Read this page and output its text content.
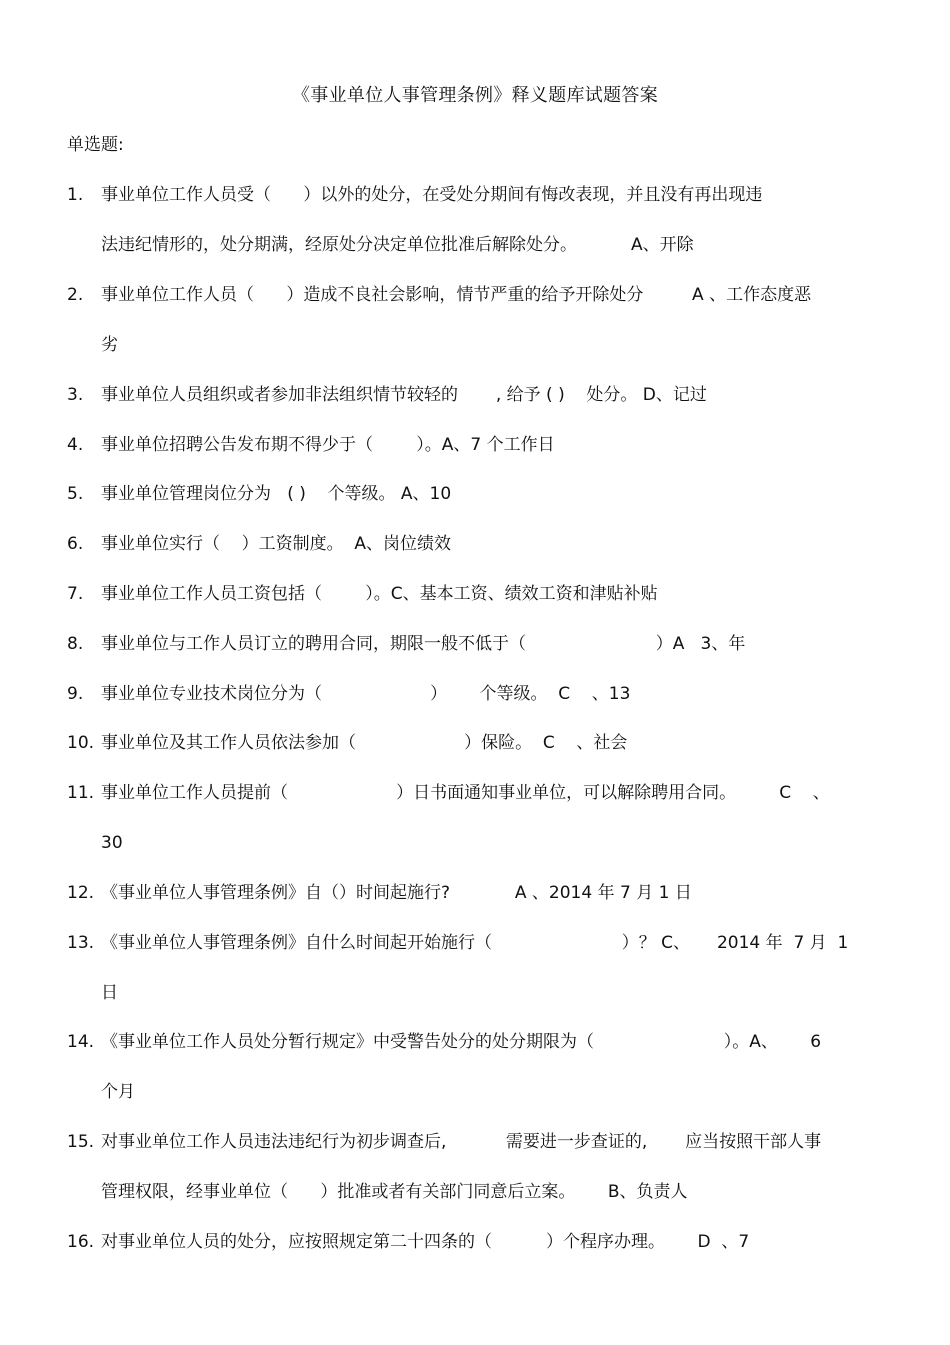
《事业单位人事管理条例》释义题库试题答案
单选题:
1. 事业单位工作人员受（      ）以外的处分，在受处分期间有悔改表现，并且没有再出现违
法违纪情形的，处分期满，经原处分决定单位批准后解除处分。          A、开除
2. 事业单位工作人员（      ）造成不良社会影响，情节严重的给予开除处分         A 、工作态度恶
劣
3. 事业单位人员组织或者参加非法组织情节较轻的       , 给予 ( )    处分。 D、记过
4. 事业单位招聘公告发布期不得少于（        ）。A、7 个工作日
5. 事业单位管理岗位分为   ( )    个等级。 A、10
6. 事业单位实行（    ）工资制度。  A、岗位绩效
7. 事业单位工作人员工资包括（        ）。C、基本工资、绩效工资和津贴补贴
8. 事业单位与工作人员订立的聘用合同，期限一般不低于（                        ）A   3、年
9. 事业单位专业技术岗位分为（                    ）      个等级。  C    、13
10. 事业单位及其工作人员依法参加（                    ）保险。  C    、社会
11. 事业单位工作人员提前（                    ）日书面通知事业单位，可以解除聘用合同。        C    、
30
12. 《事业单位人事管理条例》自（）时间起施行?            A 、2014 年 7 月 1 日
13. 《事业单位人事管理条例》自什么时间起开始施行（                        ）？ C、     2014 年  7 月  1
日
14. 《事业单位工作人员处分暂行规定》中受警告处分的处分期限为（                        ）。A、      6
个月
15. 对事业单位工作人员违法违纪行为初步调查后,           需要进一步查证的,       应当按照干部人事
管理权限，经事业单位（      ）批准或者有关部门同意后立案。      B、负责人
16. 对事业单位人员的处分，应按照规定第二十四条的（          ）个程序办理。      D  、7
